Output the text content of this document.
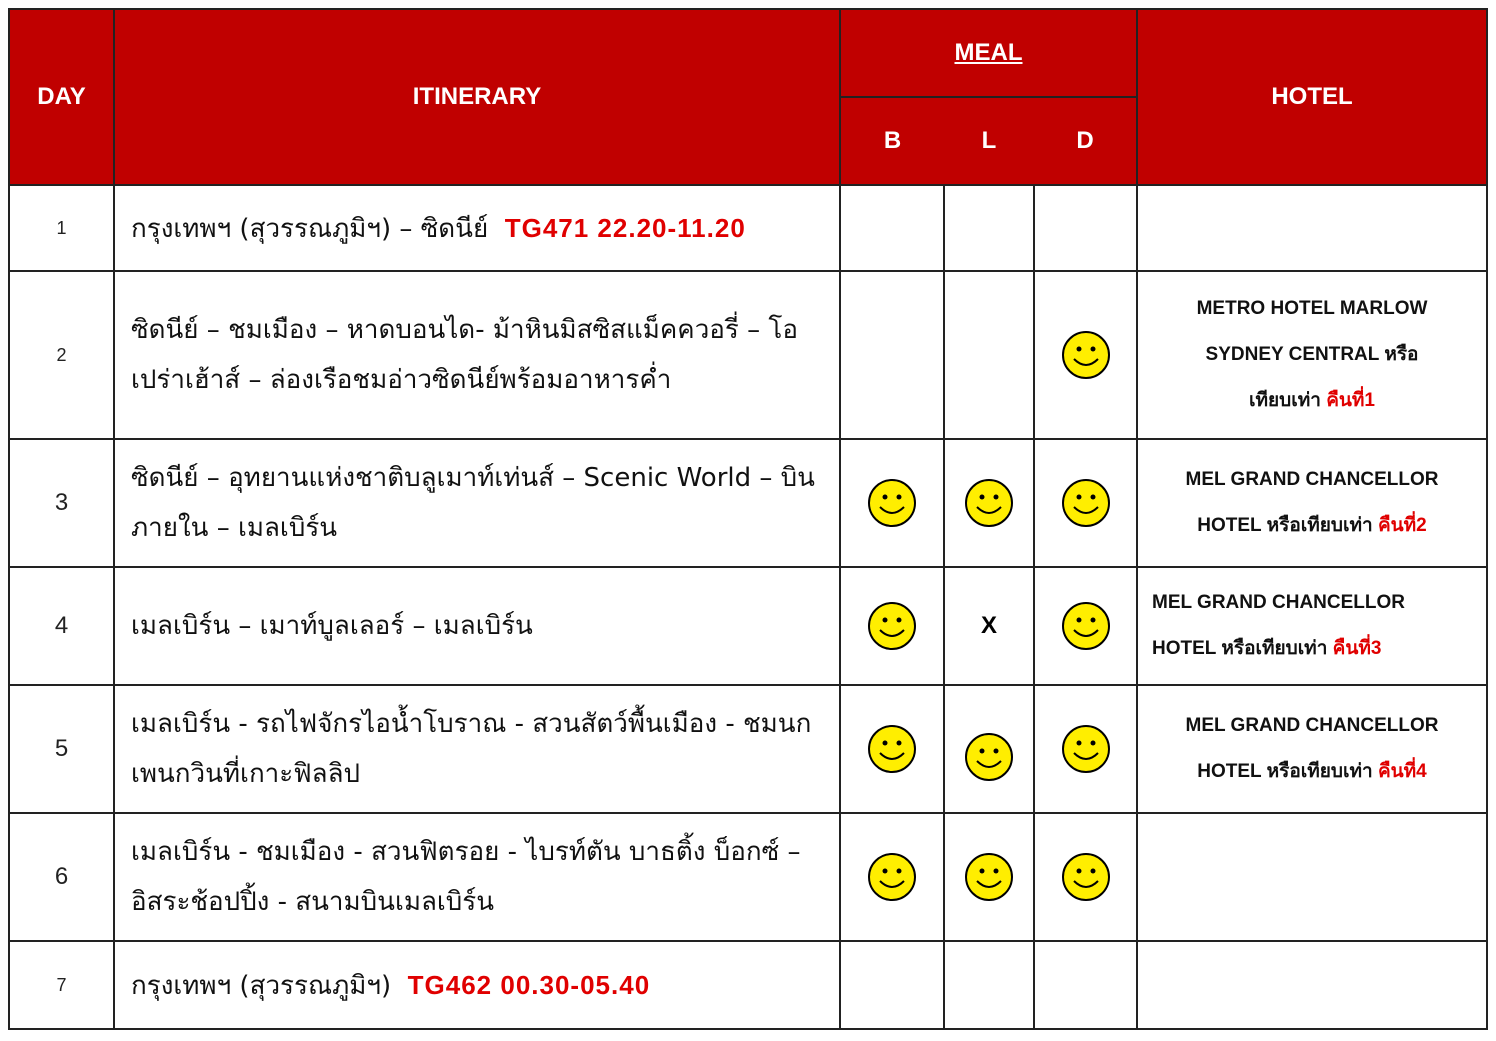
DAY	ITINERARY	MEAL			HOTEL
		B	L	D	
1	กรุงเทพฯ (สุวรรณภูมิฯ) – ซิดนีย์ TG471 22.20-11.20				
2	ซิดนีย์ – ชมเมือง – หาดบอนได- ม้าหินมิสซิสแม็คควอรี่ – โอเปร่าเฮ้าส์ – ล่องเรือชมอ่าวซิดนีย์พร้อมอาหารค่ำ				METRO HOTEL MARLOW
SYDNEY CENTRAL หรือ
เทียบเท่า คืนที่1

3	ซิดนีย์ – อุทยานแห่งชาติบลูเมาท์เท่นส์ – Scenic World – บินภายใน – เมลเบิร์น				MEL GRAND CHANCELLOR
HOTEL หรือเทียบเท่า คืนที่2

4	เมลเบิร์น – เมาท์บูลเลอร์ – เมลเบิร์น		X		MEL GRAND CHANCELLOR
HOTEL หรือเทียบเท่า คืนที่3

5	เมลเบิร์น - รถไฟจักรไอน้ำโบราณ - สวนสัตว์พื้นเมือง - ชมนกเพนกวินที่เกาะฟิลลิป				MEL GRAND CHANCELLOR
HOTEL หรือเทียบเท่า คืนที่4

6	เมลเบิร์น - ชมเมือง - สวนฟิตรอย - ไบรท์ตัน บาธติ้ง บ็อกซ์ – อิสระช้อปปิ้ง - สนามบินเมลเบิร์น				
7	กรุงเทพฯ (สุวรรณภูมิฯ) TG462 00.30-05.40				
